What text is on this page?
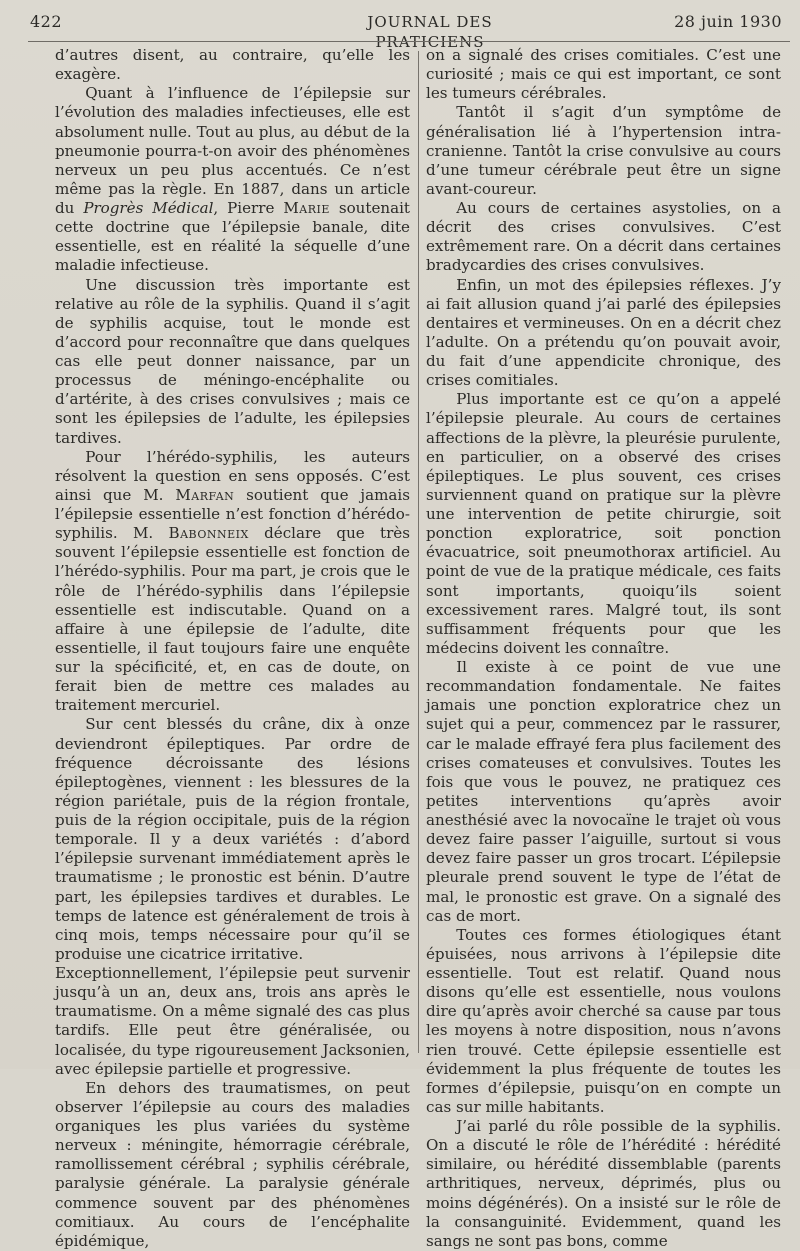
422	JOURNAL DES PRATICIENS
28 juin 1930

d’autres disent, au contraire, qu’elle les exagère.

Quant à l’influence de l’épilepsie sur l’évolution des maladies infectieuses, elle est absolument nulle. Tout au plus, au début de la pneumonie pourra-t-on avoir des phénomènes nerveux un peu plus accentués. Ce n’est même pas la règle. En 1887, dans un article du Progrès Médical, Pierre Marie soutenait cette doctrine que l’épilepsie banale, dite essentielle, est en réalité la séquelle d’une maladie infectieuse.

Une discussion très importante est relative au rôle de la syphilis. Quand il s’agit de syphilis acquise, tout le monde est d’accord pour reconnaître que dans quelques cas elle peut donner naissance, par un processus de méningo-encéphalite ou d’artérite, à des crises convulsives ; mais ce sont les épilepsies de l’adulte, les épilepsies tardives.

Pour l’hérédo-syphilis, les auteurs résolvent la question en sens opposés. C’est ainsi que M. Marfan soutient que jamais l’épilepsie essentielle n’est fonction d’hérédo-syphilis. M. Babonneix déclare que très souvent l’épilepsie essentielle est fonction de l’hérédo-syphilis. Pour ma part, je crois que le rôle de l’hérédo-syphilis dans l’épilepsie essentielle est indiscutable. Quand on a affaire à une épilepsie de l’adulte, dite essentielle, il faut toujours faire une enquête sur la spécificité, et, en cas de doute, on ferait bien de mettre ces malades au traitement mercuriel.

Sur cent blessés du crâne, dix à onze deviendront épileptiques. Par ordre de fréquence décroissante des lésions épileptogènes, viennent : les blessures de la région pariétale, puis de la région frontale, puis de la région occipitale, puis de la région temporale. Il y a deux variétés : d’abord l’épilepsie survenant immédiatement après le traumatisme ; le pronostic est bénin. D’autre part, les épilepsies tardives et durables. Le temps de latence est généralement de trois à cinq mois, temps nécessaire pour qu’il se produise une cicatrice irritative.

Exceptionnellement, l’épilepsie peut survenir jusqu’à un an, deux ans, trois ans après le traumatisme. On a même signalé des cas plus tardifs. Elle peut être généralisée, ou localisée, du type rigoureusement Jacksonien, avec épilepsie partielle et progressive.

En dehors des traumatismes, on peut observer l’épilepsie au cours des maladies organiques les plus variées du système nerveux : méningite, hémorragie cérébrale, ramollissement cérébral ; syphilis cérébrale, paralysie générale. La paralysie générale commence souvent par des phénomènes comitiaux. Au cours de l’encéphalite épidémique,

on a signalé des crises comitiales. C’est une curiosité ; mais ce qui est important, ce sont les tumeurs cérébrales.

Tantôt il s’agit d’un symptôme de généralisation lié à l’hypertension intra-cranienne. Tantôt la crise convulsive au cours d’une tumeur cérébrale peut être un signe avant-coureur.

Au cours de certaines asystolies, on a décrit des crises convulsives. C’est extrêmement rare. On a décrit dans certaines bradycardies des crises convulsives.

Enfin, un mot des épilepsies réflexes. J’y ai fait allusion quand j’ai parlé des épilepsies dentaires et vermineuses. On en a décrit chez l’adulte. On a prétendu qu’on pouvait avoir, du fait d’une appendicite chronique, des crises comitiales.

Plus importante est ce qu’on a appelé l’épilepsie pleurale. Au cours de certaines affections de la plèvre, la pleurésie purulente, en particulier, on a observé des crises épileptiques. Le plus souvent, ces crises surviennent quand on pratique sur la plèvre une intervention de petite chirurgie, soit ponction exploratrice, soit ponction évacuatrice, soit pneumothorax artificiel. Au point de vue de la pratique médicale, ces faits sont importants, quoiqu’ils soient excessivement rares. Malgré tout, ils sont suffisamment fréquents pour que les médecins doivent les connaître.

Il existe à ce point de vue une recommandation fondamentale. Ne faites jamais une ponction exploratrice chez un sujet qui a peur, commencez par le rassurer, car le malade effrayé fera plus facilement des crises comateuses et convulsives. Toutes les fois que vous le pouvez, ne pratiquez ces petites interventions qu’après avoir anesthésié avec la novocaïne le trajet où vous devez faire passer l’aiguille, surtout si vous devez faire passer un gros trocart. L’épilepsie pleurale prend souvent le type de l’état de mal, le pronostic est grave. On a signalé des cas de mort.

Toutes ces formes étiologiques étant épuisées, nous arrivons à l’épilepsie dite essentielle. Tout est relatif. Quand nous disons qu’elle est essentielle, nous voulons dire qu’après avoir cherché sa cause par tous les moyens à notre disposition, nous n’avons rien trouvé. Cette épilepsie essentielle est évidemment la plus fréquente de toutes les formes d’épilepsie, puisqu’on en compte un cas sur mille habitants.

J’ai parlé du rôle possible de la syphilis. On a discuté le rôle de l’hérédité : hérédité similaire, ou hérédité dissemblable (parents arthritiques, nerveux, déprimés, plus ou moins dégénérés). On a insisté sur le rôle de la consanguinité. Evidemment, quand les sangs ne sont pas bons, comme
